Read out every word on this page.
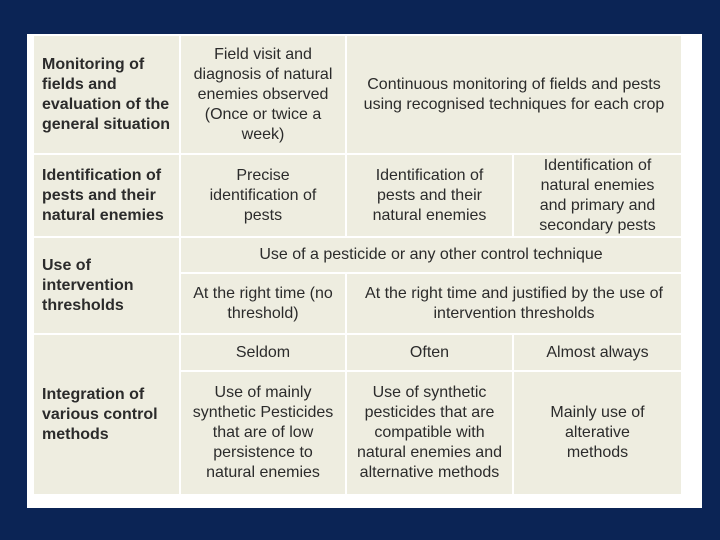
Monitoring of fields and evaluation of the general situation
Field visit and diagnosis of natural enemies observed (Once or twice a week)
Continuous monitoring of fields and pests using recognised techniques for each crop
Identification of pests and their natural enemies
Precise identification of pests
Identification of pests and their natural enemies
Identification of natural enemies and primary and secondary pests
Use of intervention thresholds
Use of a pesticide or any other control technique
At the right time (no threshold)
At the right time and justified by the use of intervention thresholds
Integration of various control methods
Seldom	Often	Almost always
Use of mainly synthetic Pesticides that are of low persistence to natural enemies
Use of synthetic pesticides that are compatible with natural enemies and alternative methods
Mainly use of alterative methods
